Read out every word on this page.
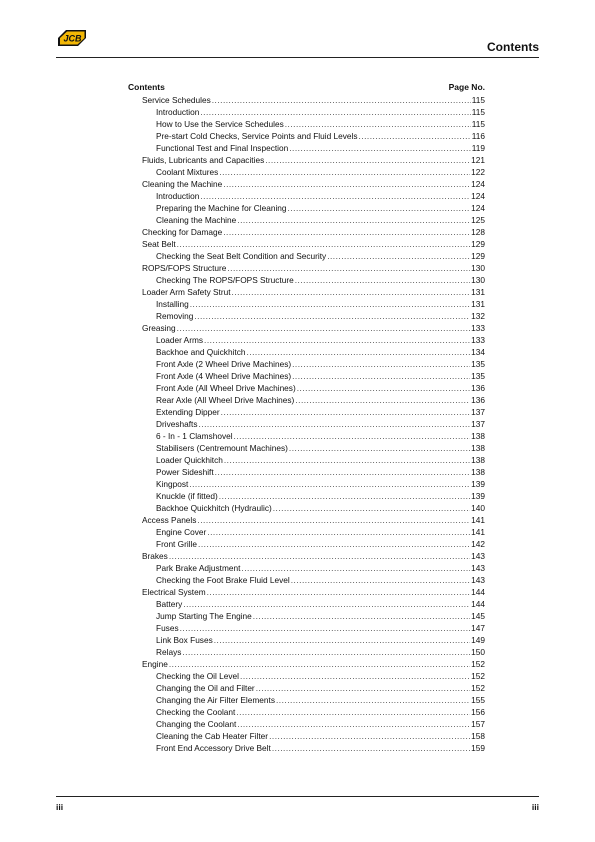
JCB
Contents
Contents	Page No.
Service Schedules .....	115
Introduction .....	115
How to Use the Service Schedules .....	115
Pre-start Cold Checks, Service Points and Fluid Levels .....	116
Functional Test and Final Inspection .....	119
Fluids, Lubricants and Capacities .....	121
Coolant Mixtures .....	122
Cleaning the Machine .....	124
Introduction .....	124
Preparing the Machine for Cleaning .....	124
Cleaning the Machine .....	125
Checking for Damage .....	128
Seat Belt .....	129
Checking the Seat Belt Condition and Security .....	129
ROPS/FOPS Structure .....	130
Checking The ROPS/FOPS Structure .....	130
Loader Arm Safety Strut .....	131
Installing .....	131
Removing .....	132
Greasing .....	133
Loader Arms .....	133
Backhoe and Quickhitch .....	134
Front Axle (2 Wheel Drive Machines) .....	135
Front Axle (4 Wheel Drive Machines) .....	135
Front Axle (All Wheel Drive Machines) .....	136
Rear Axle (All Wheel Drive Machines) .....	136
Extending Dipper .....	137
Driveshafts .....	137
6 - In - 1 Clamshovel .....	138
Stabilisers (Centremount Machines) .....	138
Loader Quickhitch .....	138
Power Sideshift .....	138
Kingpost .....	139
Knuckle (if fitted) .....	139
Backhoe Quickhitch (Hydraulic) .....	140
Access Panels .....	141
Engine Cover .....	141
Front Grille .....	142
Brakes .....	143
Park Brake Adjustment .....	143
Checking the Foot Brake Fluid Level .....	143
Electrical System .....	144
Battery .....	144
Jump Starting The Engine .....	145
Fuses .....	147
Link Box Fuses .....	149
Relays .....	150
Engine .....	152
Checking the Oil Level .....	152
Changing the Oil and Filter .....	152
Changing the Air Filter Elements .....	155
Checking the Coolant .....	156
Changing the Coolant .....	157
Cleaning the Cab Heater Filter .....	158
Front End Accessory Drive Belt .....	159
iii	iii
